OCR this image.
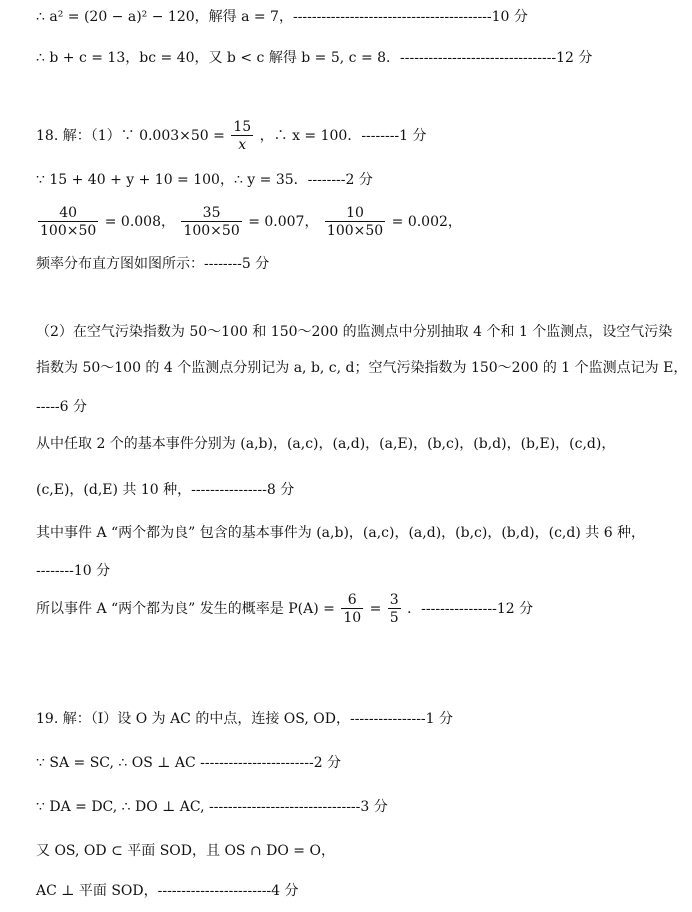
∴ a² = (20 − a)² − 120，解得 a = 7，------------------------------------------10 分
∴ b + c = 13，bc = 40，又 b < c 解得 b = 5, c = 8．---------------------------------12 分
18. 解：（1）∵ $0.003\times 50 = \frac{15}{x}$ ，∴ x = 100．--------1 分
∵ 15 + 40 + y + 10 = 100，∴ y = 35．--------2 分
$\frac{40}{100\times 50} = 0.008$， $\frac{35}{100\times 50} = 0.007$， $\frac{10}{100\times 50} = 0.002$，
频率分布直方图如图所示：--------5 分
（2）在空气污染指数为 50～100 和 150～200 的监测点中分别抽取 4 个和 1 个监测点，设空气污染
指数为 50～100 的 4 个监测点分别记为 a, b, c, d；空气污染指数为 150～200 的 1 个监测点记为 E，
-----6 分
从中任取 2 个的基本事件分别为 (a,b)，(a,c)，(a,d)，(a,E)，(b,c)，(b,d)，(b,E)，(c,d)，
(c,E)，(d,E) 共 10 种，----------------8 分
其中事件 A “两个都为良” 包含的基本事件为 (a,b)，(a,c)，(a,d)，(b,c)，(b,d)，(c,d) 共 6 种，
--------10 分
所以事件 A “两个都为良” 发生的概率是 $P(A) = \frac{6}{10} = \frac{3}{5}$ ．----------------12 分
19. 解：（Ⅰ）设 O 为 AC 的中点，连接 OS, OD，----------------1 分
∵ SA = SC, ∴ OS ⊥ AC ------------------------2 分
∵ DA = DC, ∴ DO ⊥ AC, --------------------------------3 分
又 OS, OD ⊂ 平面 SOD，且 OS ∩ DO = O，
AC ⊥ 平面 SOD，------------------------4 分
